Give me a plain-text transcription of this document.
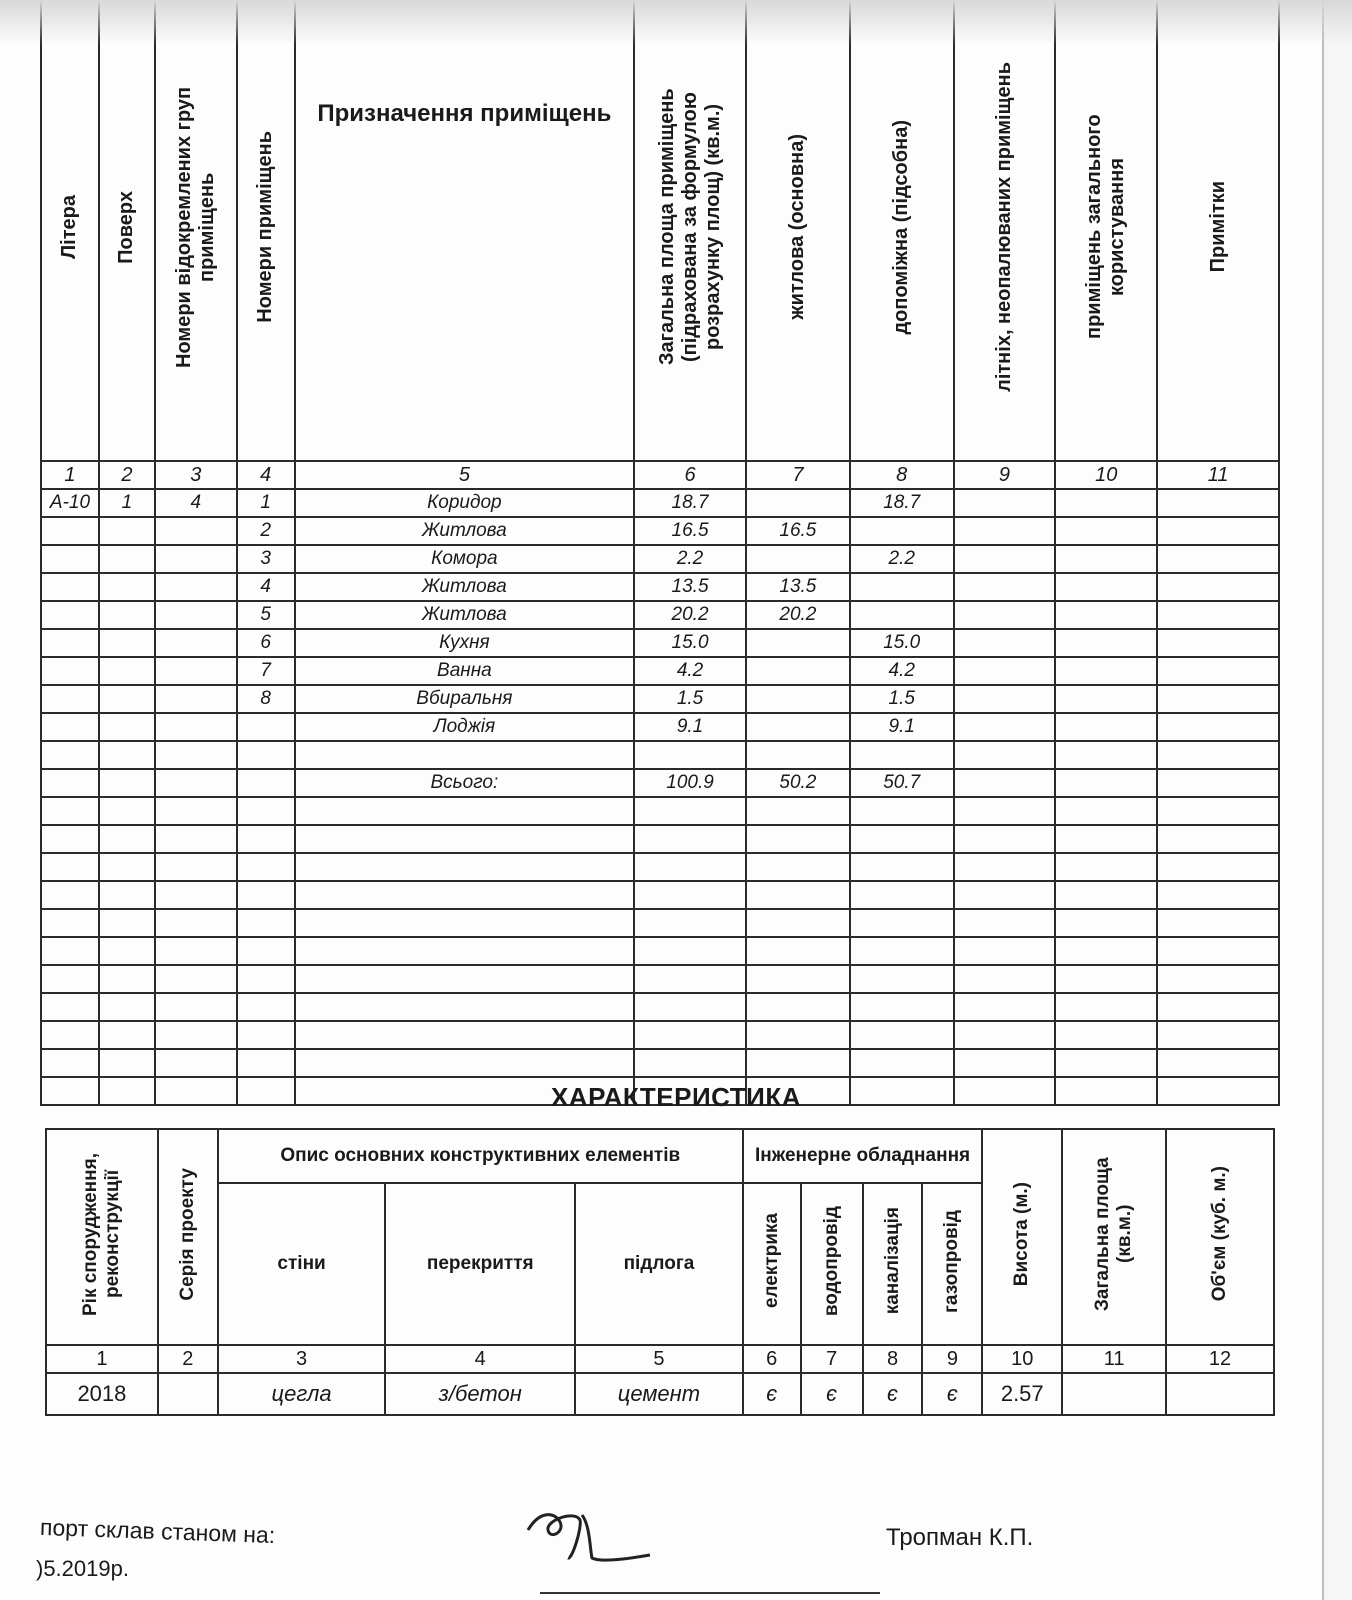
Літера	Поверх	Номери відокремлених груп приміщень	Номери приміщень	Призначення приміщень	Загальна площа приміщень (підрахована за формулою розрахунку площ) (кв.м.)	житлова (основна)	допоміжна (підсобна)	літніх, неопалюваних приміщень	приміщень загального користування	Примітки
1	2	3	4	5	6	7	8	9	10	11
А-10	1	4	1	Коридор	18.7		18.7			
			2	Житлова	16.5	16.5				
			3	Комора	2.2		2.2			
			4	Житлова	13.5	13.5				
			5	Житлова	20.2	20.2				
			6	Кухня	15.0		15.0			
			7	Ванна	4.2		4.2			
			8	Вбиральня	1.5		1.5			
				Лоджія	9.1		9.1			

				Всього:	100.9	50.2	50.7			

ХАРАКТЕРИСТИКА
Рік спорудження, реконструкції	Серія проекту	Опис основних конструктивних елементів			Інженерне обладнання				Висота (м.)	Загальна площа (кв.м.)	Об'єм (куб. м.)
		стіни	перекриття	підлога	електрика	водопровід	каналізація	газопровід			
1	2	3	4	5	6	7	8	9	10	11	12
2018		цегла	з/бетон	цемент	є	є	є	є	2.57		
порт склав станом на:
)5.2019р.
Тропман К.П.
